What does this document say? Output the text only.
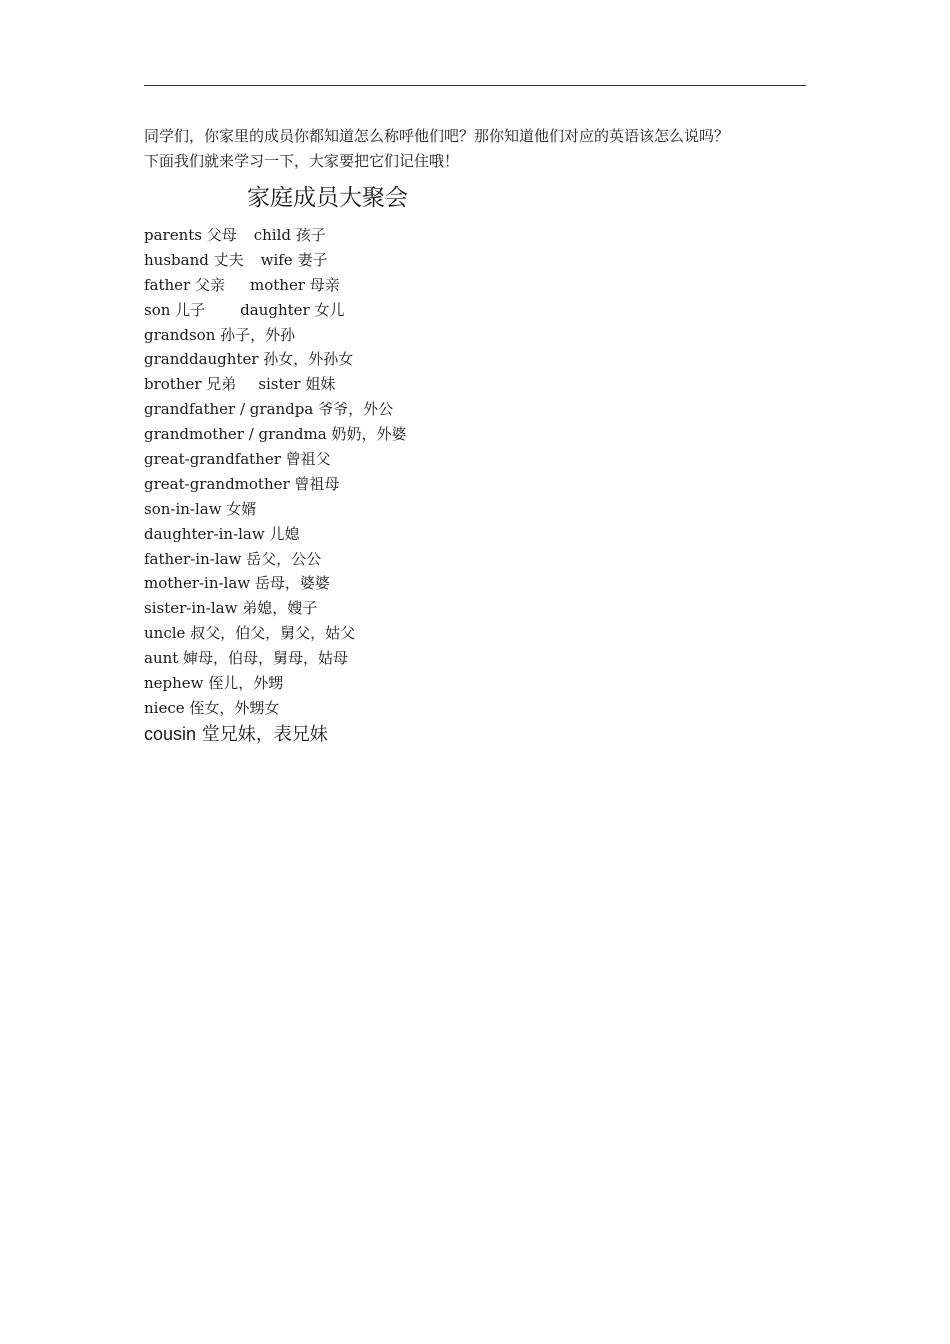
同学们，你家里的成员你都知道怎么称呼他们吧？那你知道他们对应的英语该怎么说吗？

下面我们就来学习一下，大家要把它们记住哦！

家庭成员大聚会
parents 父母 child 孩子
husband 丈夫 wife 妻子
father 父亲 mother 母亲
son 儿子 daughter 女儿
grandson 孙子，外孙
granddaughter 孙女，外孙女
brother 兄弟 sister 姐妹
grandfather / grandpa 爷爷，外公
grandmother / grandma 奶奶，外婆
great-grandfather 曾祖父
great-grandmother 曾祖母
son-in-law 女婿
daughter-in-law 儿媳
father-in-law 岳父，公公
mother-in-law 岳母，婆婆
sister-in-law 弟媳，嫂子
uncle 叔父，伯父，舅父，姑父
aunt 婶母，伯母，舅母，姑母
nephew 侄儿，外甥
niece 侄女，外甥女
cousin 堂兄妹，表兄妹
